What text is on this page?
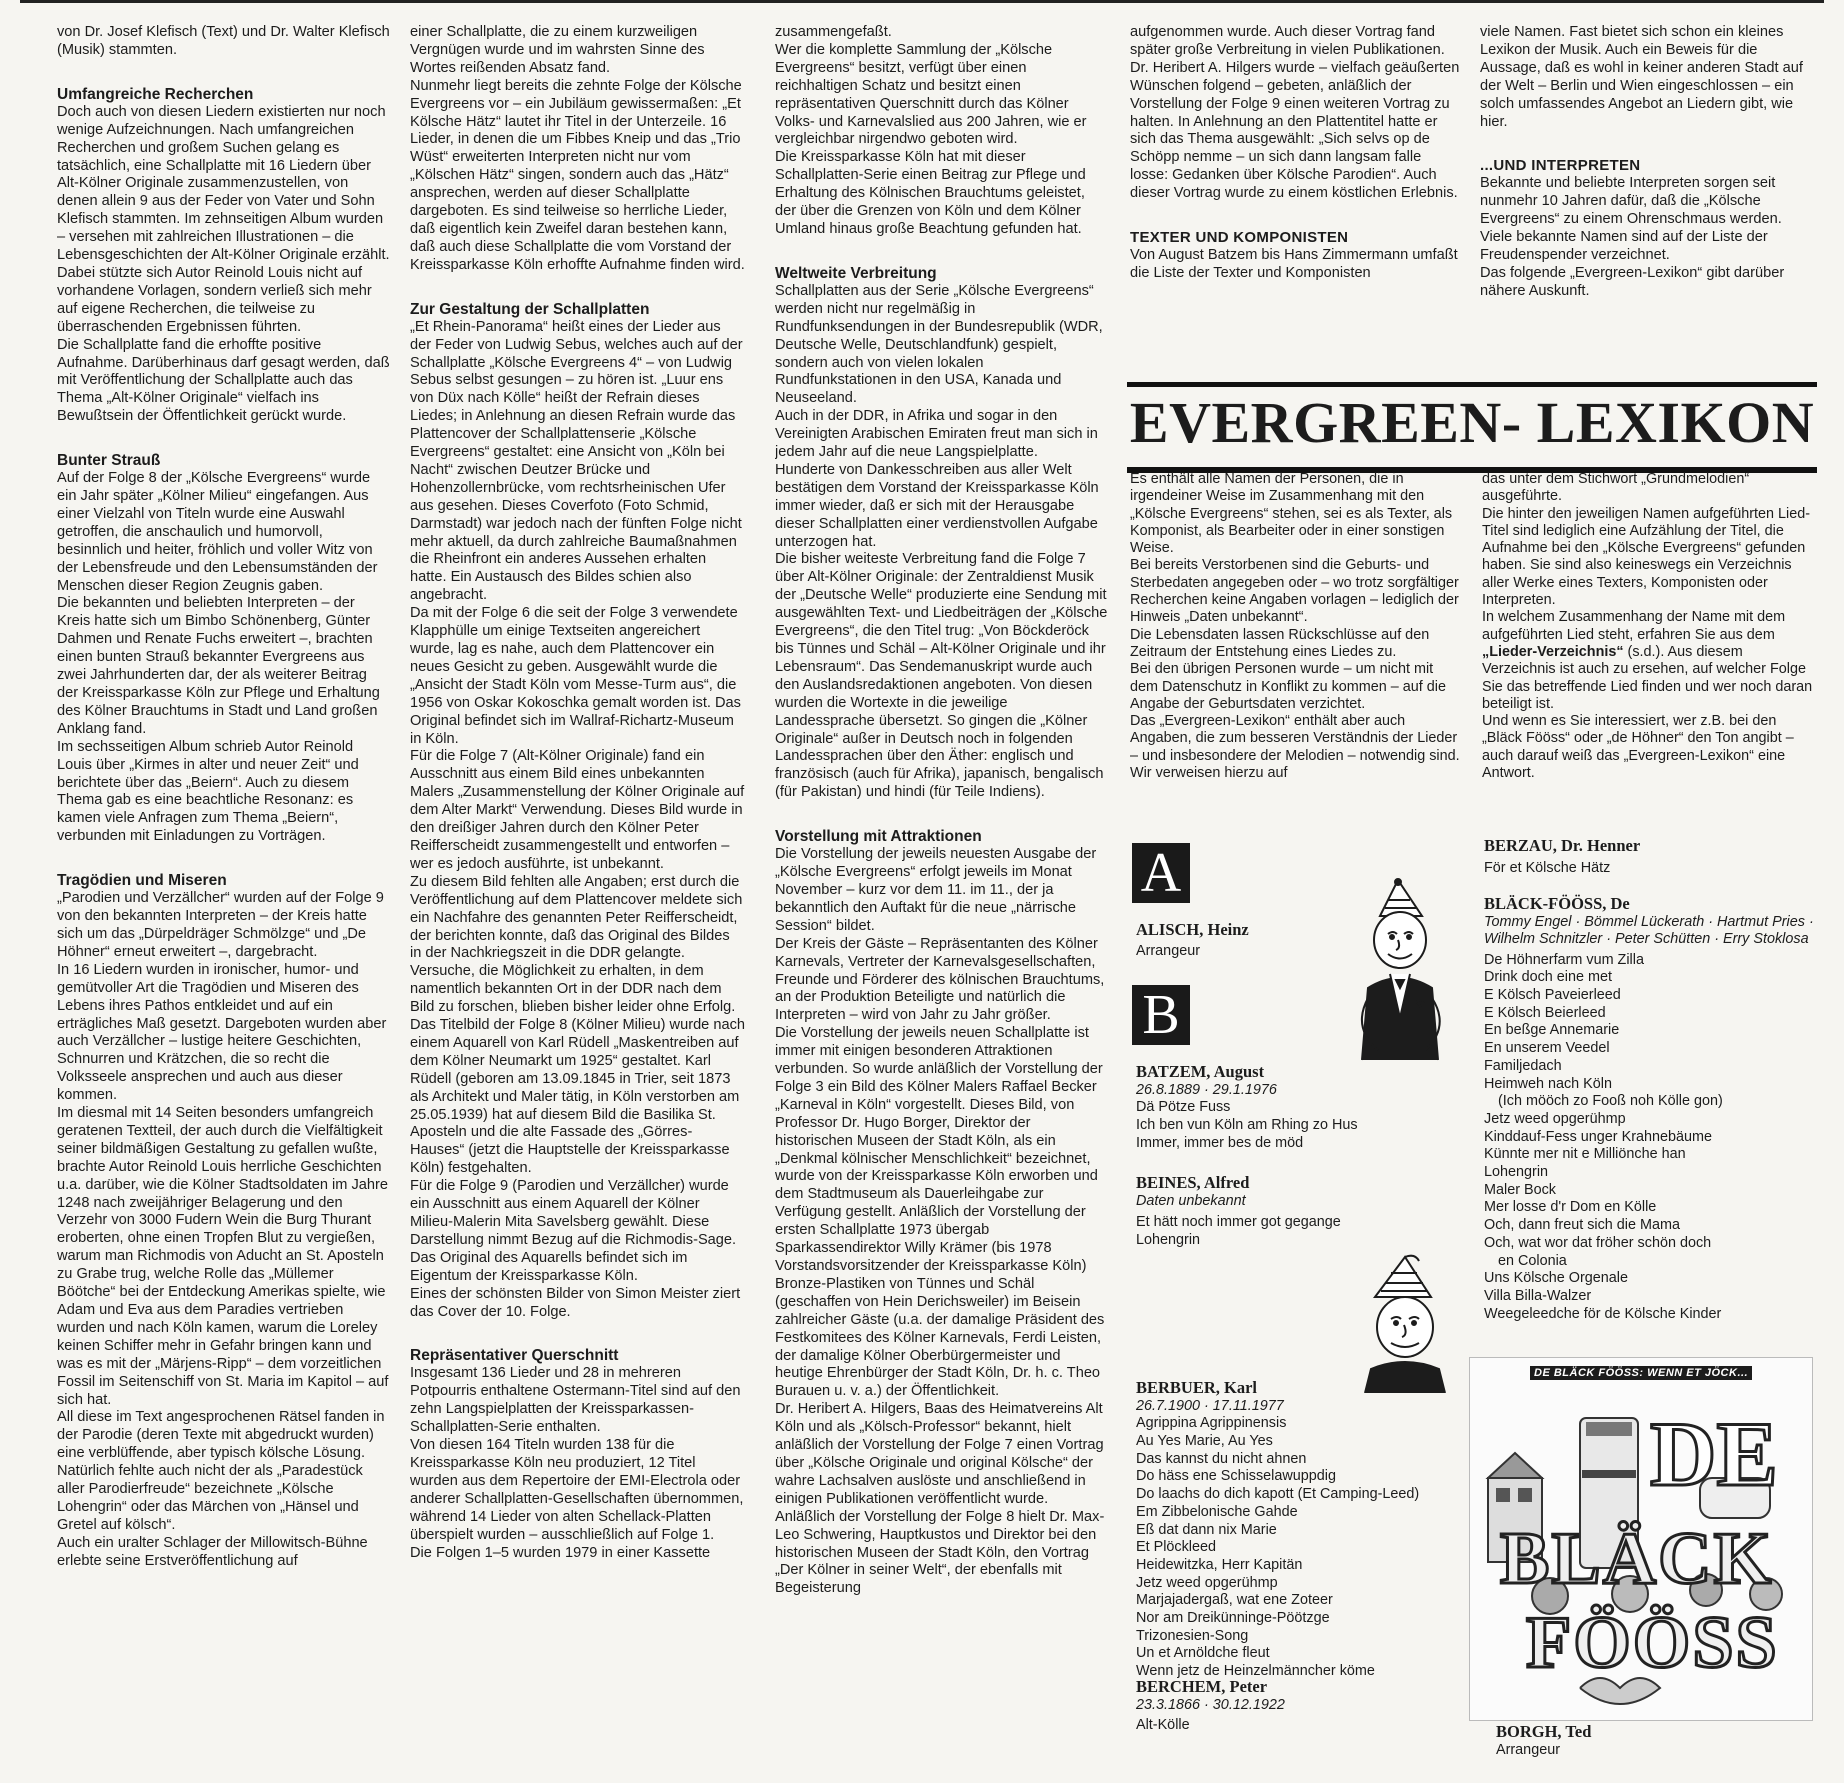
von Dr. Josef Klefisch (Text) und Dr. Walter Klefisch (Musik) stammten.

Umfangreiche Recherchen

Doch auch von diesen Liedern existierten nur noch wenige Aufzeichnungen. Nach umfangreichen Recherchen und großem Suchen gelang es tatsächlich, eine Schallplatte mit 16 Liedern über Alt-Kölner Originale zusammenzustellen, von denen allein 9 aus der Feder von Vater und Sohn Klefisch stammten. Im zehnseitigen Album wurden – versehen mit zahlreichen Illustrationen – die Lebensgeschichten der Alt-Kölner Originale erzählt.

Dabei stützte sich Autor Reinold Louis nicht auf vorhandene Vorlagen, sondern verließ sich mehr auf eigene Recherchen, die teilweise zu überraschenden Ergebnissen führten.

Die Schallplatte fand die erhoffte positive Aufnahme. Darüberhinaus darf gesagt werden, daß mit Veröffentlichung der Schallplatte auch das Thema „Alt-Kölner Originale“ vielfach ins Bewußtsein der Öffentlichkeit gerückt wurde.

Bunter Strauß

Auf der Folge 8 der „Kölsche Evergreens“ wurde ein Jahr später „Kölner Milieu“ eingefangen. Aus einer Vielzahl von Titeln wurde eine Auswahl getroffen, die anschaulich und humorvoll, besinnlich und heiter, fröhlich und voller Witz von der Lebensfreude und den Lebensumständen der Menschen dieser Region Zeugnis gaben.

Die bekannten und beliebten Interpreten – der Kreis hatte sich um Bimbo Schönenberg, Günter Dahmen und Renate Fuchs erweitert –, brachten einen bunten Strauß bekannter Evergreens aus zwei Jahrhunderten dar, der als weiterer Beitrag der Kreissparkasse Köln zur Pflege und Erhaltung des Kölner Brauchtums in Stadt und Land großen Anklang fand.

Im sechsseitigen Album schrieb Autor Reinold Louis über „Kirmes in alter und neuer Zeit“ und berichtete über das „Beiern“. Auch zu diesem Thema gab es eine beachtliche Resonanz: es kamen viele Anfragen zum Thema „Beiern“, verbunden mit Einladungen zu Vorträgen.

Tragödien und Miseren

„Parodien und Verzällcher“ wurden auf der Folge 9 von den bekannten Interpreten – der Kreis hatte sich um das „Dürpeldräger Schmölzge“ und „De Höhner“ erneut erweitert –, dargebracht.

In 16 Liedern wurden in ironischer, humor- und gemütvoller Art die Tragödien und Miseren des Lebens ihres Pathos entkleidet und auf ein erträgliches Maß gesetzt. Dargeboten wurden aber auch Verzällcher – lustige heitere Geschichten, Schnurren und Krätzchen, die so recht die Volksseele ansprechen und auch aus dieser kommen.

Im diesmal mit 14 Seiten besonders umfangreich geratenen Textteil, der auch durch die Vielfältigkeit seiner bildmäßigen Gestaltung zu gefallen wußte, brachte Autor Reinold Louis herrliche Geschichten u.a. darüber, wie die Kölner Stadtsoldaten im Jahre 1248 nach zweijähriger Belagerung und den Verzehr von 3000 Fudern Wein die Burg Thurant eroberten, ohne einen Tropfen Blut zu vergießen, warum man Richmodis von Aducht an St. Aposteln zu Grabe trug, welche Rolle das „Müllemer Böötche“ bei der Entdeckung Amerikas spielte, wie Adam und Eva aus dem Paradies vertrieben wurden und nach Köln kamen, warum die Loreley keinen Schiffer mehr in Gefahr bringen kann und was es mit der „Märjens-Ripp“ – dem vorzeitlichen Fossil im Seitenschiff von St. Maria im Kapitol – auf sich hat.

All diese im Text angesprochenen Rätsel fanden in der Parodie (deren Texte mit abgedruckt wurden) eine verblüffende, aber typisch kölsche Lösung.

Natürlich fehlte auch nicht der als „Paradestück aller Parodierfreude“ bezeichnete „Kölsche Lohengrin“ oder das Märchen von „Hänsel und Gretel auf kölsch“.

Auch ein uralter Schlager der Millowitsch-Bühne erlebte seine Erstveröffentlichung auf

einer Schallplatte, die zu einem kurzweiligen Vergnügen wurde und im wahrsten Sinne des Wortes reißenden Absatz fand.

Nunmehr liegt bereits die zehnte Folge der Kölsche Evergreens vor – ein Jubiläum gewissermaßen: „Et Kölsche Hätz“ lautet ihr Titel in der Unterzeile. 16 Lieder, in denen die um Fibbes Kneip und das „Trio Wüst“ erweiterten Interpreten nicht nur vom „Kölschen Hätz“ singen, sondern auch das „Hätz“ ansprechen, werden auf dieser Schallplatte dargeboten. Es sind teilweise so herrliche Lieder, daß eigentlich kein Zweifel daran bestehen kann, daß auch diese Schallplatte die vom Vorstand der Kreissparkasse Köln erhoffte Aufnahme finden wird.

Zur Gestaltung der Schallplatten

„Et Rhein-Panorama“ heißt eines der Lieder aus der Feder von Ludwig Sebus, welches auch auf der Schallplatte „Kölsche Evergreens 4“ – von Ludwig Sebus selbst gesungen – zu hören ist. „Luur ens von Düx nach Kölle“ heißt der Refrain dieses Liedes; in Anlehnung an diesen Refrain wurde das Plattencover der Schallplattenserie „Kölsche Evergreens“ gestaltet: eine Ansicht von „Köln bei Nacht“ zwischen Deutzer Brücke und Hohenzollernbrücke, vom rechtsrheinischen Ufer aus gesehen. Dieses Coverfoto (Foto Schmid, Darmstadt) war jedoch nach der fünften Folge nicht mehr aktuell, da durch zahlreiche Baumaßnahmen die Rheinfront ein anderes Aussehen erhalten hatte. Ein Austausch des Bildes schien also angebracht.

Da mit der Folge 6 die seit der Folge 3 verwendete Klapphülle um einige Textseiten angereichert wurde, lag es nahe, auch dem Plattencover ein neues Gesicht zu geben. Ausgewählt wurde die „Ansicht der Stadt Köln vom Messe-Turm aus“, die 1956 von Oskar Kokoschka gemalt worden ist. Das Original befindet sich im Wallraf-Richartz-Museum in Köln.

Für die Folge 7 (Alt-Kölner Originale) fand ein Ausschnitt aus einem Bild eines unbekannten Malers „Zusammenstellung der Kölner Originale auf dem Alter Markt“ Verwendung. Dieses Bild wurde in den dreißiger Jahren durch den Kölner Peter Reifferscheidt zusammengestellt und entworfen – wer es jedoch ausführte, ist unbekannt.

Zu diesem Bild fehlten alle Angaben; erst durch die Veröffentlichung auf dem Plattencover meldete sich ein Nachfahre des genannten Peter Reifferscheidt, der berichten konnte, daß das Original des Bildes in der Nachkriegszeit in die DDR gelangte. Versuche, die Möglichkeit zu erhalten, in dem namentlich bekannten Ort in der DDR nach dem Bild zu forschen, blieben bisher leider ohne Erfolg.

Das Titelbild der Folge 8 (Kölner Milieu) wurde nach einem Aquarell von Karl Rüdell „Maskentreiben auf dem Kölner Neumarkt um 1925“ gestaltet. Karl Rüdell (geboren am 13.09.1845 in Trier, seit 1873 als Architekt und Maler tätig, in Köln verstorben am 25.05.1939) hat auf diesem Bild die Basilika St. Aposteln und die alte Fassade des „Görres-Hauses“ (jetzt die Hauptstelle der Kreissparkasse Köln) festgehalten.

Für die Folge 9 (Parodien und Verzällcher) wurde ein Ausschnitt aus einem Aquarell der Kölner Milieu-Malerin Mita Savelsberg gewählt. Diese Darstellung nimmt Bezug auf die Richmodis-Sage. Das Original des Aquarells befindet sich im Eigentum der Kreissparkasse Köln.

Eines der schönsten Bilder von Simon Meister ziert das Cover der 10. Folge.

Repräsentativer Querschnitt

Insgesamt 136 Lieder und 28 in mehreren Potpourris enthaltene Ostermann-Titel sind auf den zehn Langspielplatten der Kreissparkassen-Schallplatten-Serie enthalten.

Von diesen 164 Titeln wurden 138 für die Kreissparkasse Köln neu produziert, 12 Titel wurden aus dem Repertoire der EMI-Electrola oder anderer Schallplatten-Gesellschaften übernommen, während 14 Lieder von alten Schellack-Platten überspielt wurden – ausschließlich auf Folge 1.

Die Folgen 1–5 wurden 1979 in einer Kassette

zusammengefaßt.

Wer die komplette Sammlung der „Kölsche Evergreens“ besitzt, verfügt über einen reichhaltigen Schatz und besitzt einen repräsentativen Querschnitt durch das Kölner Volks- und Karnevalslied aus 200 Jahren, wie er vergleichbar nirgendwo geboten wird.

Die Kreissparkasse Köln hat mit dieser Schallplatten-Serie einen Beitrag zur Pflege und Erhaltung des Kölnischen Brauchtums geleistet, der über die Grenzen von Köln und dem Kölner Umland hinaus große Beachtung gefunden hat.

Weltweite Verbreitung

Schallplatten aus der Serie „Kölsche Evergreens“ werden nicht nur regelmäßig in Rundfunksendungen in der Bundesrepublik (WDR, Deutsche Welle, Deutschlandfunk) gespielt, sondern auch von vielen lokalen Rundfunkstationen in den USA, Kanada und Neuseeland.

Auch in der DDR, in Afrika und sogar in den Vereinigten Arabischen Emiraten freut man sich in jedem Jahr auf die neue Langspielplatte.

Hunderte von Dankesschreiben aus aller Welt bestätigen dem Vorstand der Kreissparkasse Köln immer wieder, daß er sich mit der Herausgabe dieser Schallplatten einer verdienstvollen Aufgabe unterzogen hat.

Die bisher weiteste Verbreitung fand die Folge 7 über Alt-Kölner Originale: der Zentraldienst Musik der „Deutsche Welle“ produzierte eine Sendung mit ausgewählten Text- und Liedbeiträgen der „Kölsche Evergreens“, die den Titel trug: „Von Böckderöck bis Tünnes und Schäl – Alt-Kölner Originale und ihr Lebensraum“. Das Sendemanuskript wurde auch den Auslandsredaktionen angeboten. Von diesen wurden die Wortexte in die jeweilige Landessprache übersetzt. So gingen die „Kölner Originale“ außer in Deutsch noch in folgenden Landessprachen über den Äther: englisch und französisch (auch für Afrika), japanisch, bengalisch (für Pakistan) und hindi (für Teile Indiens).

Vorstellung mit Attraktionen

Die Vorstellung der jeweils neuesten Ausgabe der „Kölsche Evergreens“ erfolgt jeweils im Monat November – kurz vor dem 11. im 11., der ja bekanntlich den Auftakt für die neue „närrische Session“ bildet.

Der Kreis der Gäste – Repräsentanten des Kölner Karnevals, Vertreter der Karnevalsgesellschaften, Freunde und Förderer des kölnischen Brauchtums, an der Produktion Beteiligte und natürlich die Interpreten – wird von Jahr zu Jahr größer.

Die Vorstellung der jeweils neuen Schallplatte ist immer mit einigen besonderen Attraktionen verbunden. So wurde anläßlich der Vorstellung der Folge 3 ein Bild des Kölner Malers Raffael Becker „Karneval in Köln“ vorgestellt. Dieses Bild, von Professor Dr. Hugo Borger, Direktor der historischen Museen der Stadt Köln, als ein „Denkmal kölnischer Menschlichkeit“ bezeichnet, wurde von der Kreissparkasse Köln erworben und dem Stadtmuseum als Dauerleihgabe zur Verfügung gestellt. Anläßlich der Vorstellung der ersten Schallplatte 1973 übergab Sparkassendirektor Willy Krämer (bis 1978 Vorstandsvorsitzender der Kreissparkasse Köln) Bronze-Plastiken von Tünnes und Schäl (geschaffen von Hein Derichsweiler) im Beisein zahlreicher Gäste (u.a. der damalige Präsident des Festkomitees des Kölner Karnevals, Ferdi Leisten, der damalige Kölner Oberbürgermeister und heutige Ehrenbürger der Stadt Köln, Dr. h. c. Theo Burauen u. v. a.) der Öffentlichkeit.

Dr. Heribert A. Hilgers, Baas des Heimatvereins Alt Köln und als „Kölsch-Professor“ bekannt, hielt anläßlich der Vorstellung der Folge 7 einen Vortrag über „Kölsche Originale und original Kölsche“ der wahre Lachsalven auslöste und anschließend in einigen Publikationen veröffentlicht wurde. Anläßlich der Vorstellung der Folge 8 hielt Dr. Max-Leo Schwering, Hauptkustos und Direktor bei den historischen Museen der Stadt Köln, den Vortrag „Der Kölner in seiner Welt“, der ebenfalls mit Begeisterung

aufgenommen wurde. Auch dieser Vortrag fand später große Verbreitung in vielen Publikationen.

Dr. Heribert A. Hilgers wurde – vielfach geäußerten Wünschen folgend – gebeten, anläßlich der Vorstellung der Folge 9 einen weiteren Vortrag zu halten. In Anlehnung an den Plattentitel hatte er sich das Thema ausgewählt: „Sich selvs op de Schöpp nemme – un sich dann langsam falle losse: Gedanken über Kölsche Parodien“. Auch dieser Vortrag wurde zu einem köstlichen Erlebnis.

TEXTER UND KOMPONISTEN

Von August Batzem bis Hans Zimmermann umfaßt die Liste der Texter und Komponisten

viele Namen. Fast bietet sich schon ein kleines Lexikon der Musik. Auch ein Beweis für die Aussage, daß es wohl in keiner anderen Stadt auf der Welt – Berlin und Wien eingeschlossen – ein solch umfassendes Angebot an Liedern gibt, wie hier.

...UND INTERPRETEN

Bekannte und beliebte Interpreten sorgen seit nunmehr 10 Jahren dafür, daß die „Kölsche Evergreens“ zu einem Ohrenschmaus werden. Viele bekannte Namen sind auf der Liste der Freudenspender verzeichnet.

Das folgende „Evergreen-Lexikon“ gibt darüber nähere Auskunft.

EVERGREEN- LEXIKON

Es enthält alle Namen der Personen, die in irgendeiner Weise im Zusammenhang mit den „Kölsche Evergreens“ stehen, sei es als Texter, als Komponist, als Bearbeiter oder in einer sonstigen Weise.

Bei bereits Verstorbenen sind die Geburts- und Sterbedaten angegeben oder – wo trotz sorgfältiger Recherchen keine Angaben vorlagen – lediglich der Hinweis „Daten unbekannt“.

Die Lebensdaten lassen Rückschlüsse auf den Zeitraum der Entstehung eines Liedes zu.

Bei den übrigen Personen wurde – um nicht mit dem Datenschutz in Konflikt zu kommen – auf die Angabe der Geburtsdaten verzichtet.

Das „Evergreen-Lexikon“ enthält aber auch Angaben, die zum besseren Verständnis der Lieder – und insbesondere der Melodien – notwendig sind. Wir verweisen hierzu auf

das unter dem Stichwort „Grundmelodien“ ausgeführte.

Die hinter den jeweiligen Namen aufgeführten Lied-Titel sind lediglich eine Aufzählung der Titel, die Aufnahme bei den „Kölsche Evergreens“ gefunden haben. Sie sind also keineswegs ein Verzeichnis aller Werke eines Texters, Komponisten oder Interpreten.

In welchem Zusammenhang der Name mit dem aufgeführten Lied steht, erfahren Sie aus dem „Lieder-Verzeichnis“ (s.d.). Aus diesem Verzeichnis ist auch zu ersehen, auf welcher Folge Sie das betreffende Lied finden und wer noch daran beteiligt ist.

Und wenn es Sie interessiert, wer z.B. bei den „Bläck Fööss“ oder „de Höhner“ den Ton angibt – auch darauf weiß das „Evergreen-Lexikon“ eine Antwort.

A

ALISCH, Heinz

Arrangeur

B

BATZEM, August

26.8.1889 · 29.1.1976

Dä Pötze Fuss

Ich ben vun Köln am Rhing zo Hus

Immer, immer bes de möd

BEINES, Alfred

Daten unbekannt

Et hätt noch immer got gegange

Lohengrin

BERBUER, Karl

26.7.1900 · 17.11.1977

Agrippina Agrippinensis

Au Yes Marie, Au Yes

Das kannst du nicht ahnen

Do häss ene Schisselawuppdig

Do laachs do dich kapott (Et Camping-Leed)

Em Zibbelonische Gahde

Eß dat dann nix Marie

Et Plöckleed

Heidewitzka, Herr Kapitän

Jetz weed opgerühmp

Marjajadergaß, wat ene Zoteer

Nor am Dreikünninge-Pöötzge

Trizonesien-Song

Un et Arnöldche fleut

Wenn jetz de Heinzelmänncher köme

BERCHEM, Peter

23.3.1866 · 30.12.1922

Alt-Kölle

BERZAU, Dr. Henner

För et Kölsche Hätz

BLÄCK-FÖÖSS, De

Tommy Engel · Bömmel Lückerath · Hartmut Pries · Wilhelm Schnitzler · Peter Schütten · Erry Stoklosa

De Höhnerfarm vum Zilla

Drink doch eine met

E Kölsch Paveierleed

E Kölsch Beierleed

En beßge Annemarie

En unserem Veedel

Familjedach

Heimweh nach Köln

(Ich mööch zo Fooß noh Kölle gon)

Jetz weed opgerühmp

Kinddauf-Fess unger Krahnebäume

Künnte mer nit e Milliönche han

Lohengrin

Maler Bock

Mer losse d'r Dom en Kölle

Och, dann freut sich die Mama

Och, wat wor dat fröher schön doch

en Colonia

Uns Kölsche Orgenale

Villa Billa-Walzer

Weegeleedche för de Kölsche Kinder

DE BLÄCK FÖÖSS: WENN ET JÖCK...
DE
BLÄCK
FÖÖSS

BORGH, Ted

Arrangeur
